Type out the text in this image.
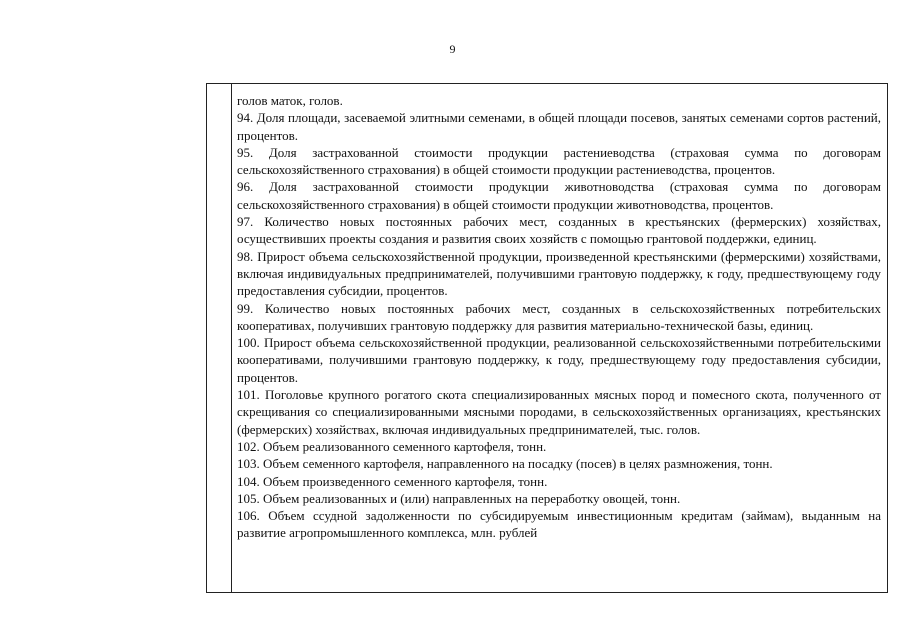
9

голов маток, голов.

94. Доля площади, засеваемой элитными семенами, в общей площади посевов, занятых семенами сортов растений, процентов.

95. Доля застрахованной стоимости продукции растениеводства (страховая сумма по договорам сельскохозяйственного страхования) в общей стоимости продукции растениеводства, процентов.

96. Доля застрахованной стоимости продукции животноводства (страховая сумма по договорам сельскохозяйственного страхования) в общей стоимости продукции животноводства, процентов.

97. Количество новых постоянных рабочих мест, созданных в крестьянских (фермерских) хозяйствах, осуществивших проекты создания и развития своих хозяйств с помощью грантовой поддержки, единиц.

98. Прирост объема сельскохозяйственной продукции, произведенной крестьянскими (фермерскими) хозяйствами, включая индивидуальных предпринимателей, получившими грантовую поддержку, к году, предшествующему году предоставления субсидии, процентов.

99. Количество новых постоянных рабочих мест, созданных в сельскохозяйственных потребительских кооперативах, получивших грантовую поддержку для развития материально-технической базы, единиц.

100. Прирост объема сельскохозяйственной продукции, реализованной сельскохозяйственными потребительскими кооперативами, получившими грантовую поддержку, к году, предшествующему году предоставления субсидии, процентов.

101. Поголовье крупного рогатого скота специализированных мясных пород и помесного скота, полученного от скрещивания со специализированными мясными породами, в сельскохозяйственных организациях, крестьянских (фермерских) хозяйствах, включая индивидуальных предпринимателей, тыс. голов.

102. Объем реализованного семенного картофеля, тонн.

103. Объем семенного картофеля, направленного на посадку (посев) в целях размножения, тонн.

104. Объем произведенного семенного картофеля, тонн.

105. Объем реализованных и (или) направленных на переработку овощей, тонн.

106. Объем ссудной задолженности по субсидируемым инвестиционным кредитам (займам), выданным на развитие агропромышленного комплекса, млн. рублей
